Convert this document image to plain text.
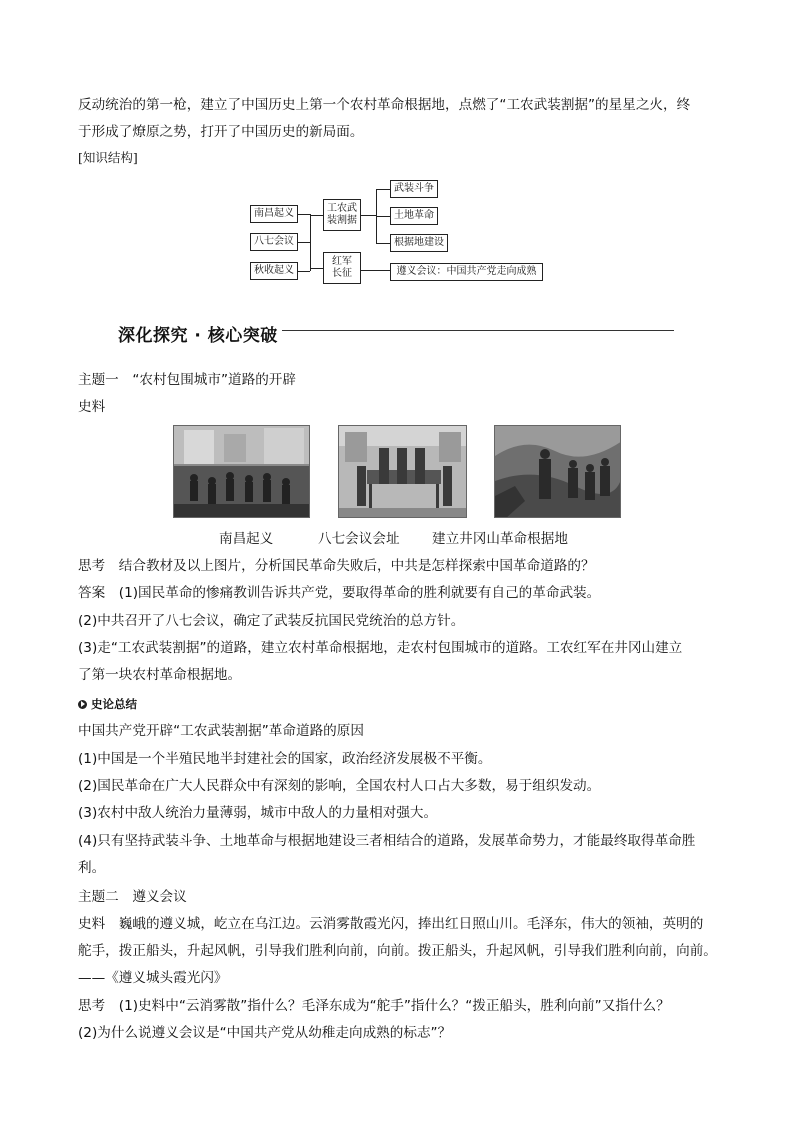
反动统治的第一枪，建立了中国历史上第一个农村革命根据地，点燃了“工农武装割据”的星星之火，终
于形成了燎原之势，打开了中国历史的新局面。
[知识结构]
南昌起义
八七会议
秋收起义
工农武
装割据
红军
长征
武装斗争
土地革命
根据地建设
遵义会议：中国共产党走向成熟
深化探究 · 核心突破
主题一　“农村包围城市”道路的开辟
史料
南昌起义	八七会议会址 建立井冈山革命根据地
思考　结合教材及以上图片，分析国民革命失败后，中共是怎样探索中国革命道路的？
答案　(1)国民革命的惨痛教训告诉共产党，要取得革命的胜利就要有自己的革命武装。
(2)中共召开了八七会议，确定了武装反抗国民党统治的总方针。
(3)走“工农武装割据”的道路，建立农村革命根据地，走农村包围城市的道路。工农红军在井冈山建立
了第一块农村革命根据地。
史论总结
中国共产党开辟“工农武装割据”革命道路的原因
(1)中国是一个半殖民地半封建社会的国家，政治经济发展极不平衡。
(2)国民革命在广大人民群众中有深刻的影响，全国农村人口占大多数，易于组织发动。
(3)农村中敌人统治力量薄弱，城市中敌人的力量相对强大。
(4)只有坚持武装斗争、土地革命与根据地建设三者相结合的道路，发展革命势力，才能最终取得革命胜
利。
主题二　遵义会议
史料　巍峨的遵义城，屹立在乌江边。云消雾散霞光闪，捧出红日照山川。毛泽东，伟大的领袖，英明的
舵手，拨正船头，升起风帆，引导我们胜利向前，向前。拨正船头，升起风帆，引导我们胜利向前，向前。
——《遵义城头霞光闪》
思考　(1)史料中“云消雾散”指什么？毛泽东成为“舵手”指什么？“拨正船头，胜利向前”又指什么？
(2)为什么说遵义会议是“中国共产党从幼稚走向成熟的标志”？
